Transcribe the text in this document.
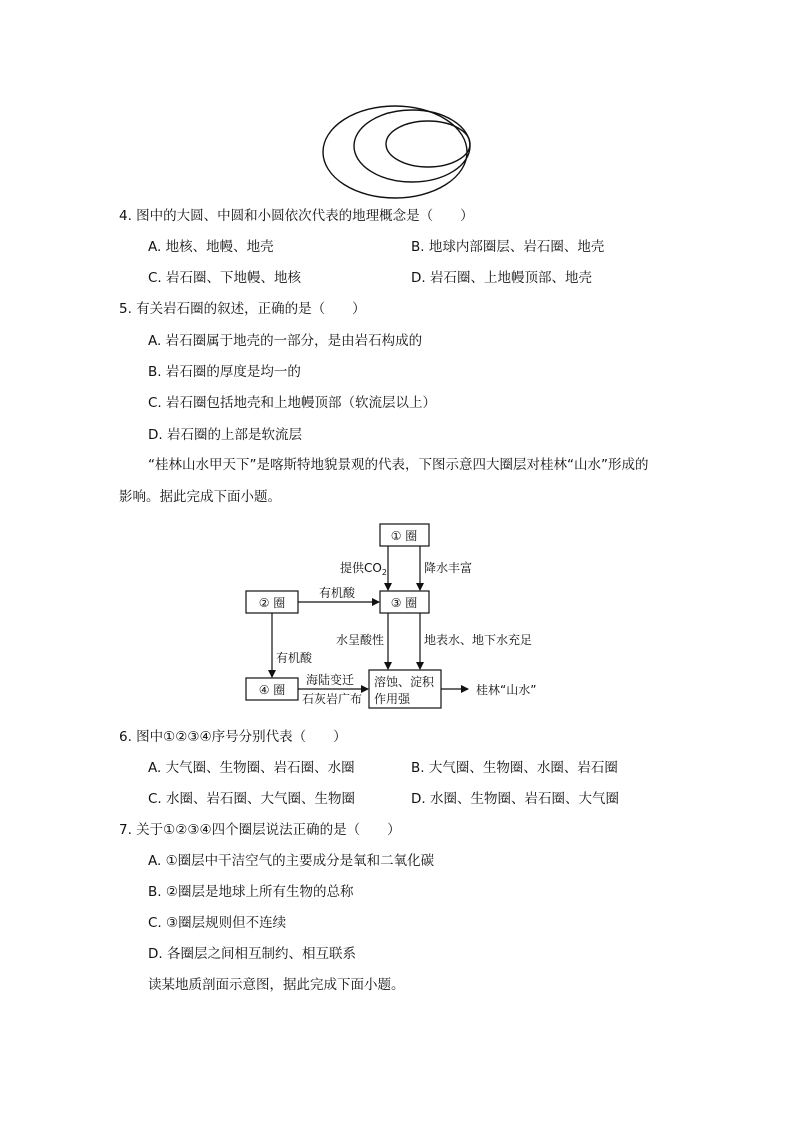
4. 图中的大圆、中圆和小圆依次代表的地理概念是（　　）
A. 地核、地幔、地壳	B. 地球内部圈层、岩石圈、地壳
C. 岩石圈、下地幔、地核	D. 岩石圈、上地幔顶部、地壳
5. 有关岩石圈的叙述，正确的是（　　）
A. 岩石圈属于地壳的一部分，是由岩石构成的
B. 岩石圈的厚度是均一的
C. 岩石圈包括地壳和上地幔顶部（软流层以上）
D. 岩石圈的上部是软流层
“桂林山水甲天下”是喀斯特地貌景观的代表，下图示意四大圈层对桂林“山水”形成的
影响。据此完成下面小题。
① 圈
② 圈	③ 圈
④ 圈
溶蚀、淀积
作用强
提供$CO_2$	降水丰富
有机酸
有机酸
水呈酸性	地表水、地下水充足
海陆变迁
石灰岩广布
桂林“山水”
6. 图中①②③④序号分别代表（　　）
A. 大气圈、生物圈、岩石圈、水圈	B. 大气圈、生物圈、水圈、岩石圈
C. 水圈、岩石圈、大气圈、生物圈	D. 水圈、生物圈、岩石圈、大气圈
7. 关于①②③④四个圈层说法正确的是（　　）
A. ①圈层中干洁空气的主要成分是氧和二氧化碳
B. ②圈层是地球上所有生物的总称
C. ③圈层规则但不连续
D. 各圈层之间相互制约、相互联系
读某地质剖面示意图，据此完成下面小题。
